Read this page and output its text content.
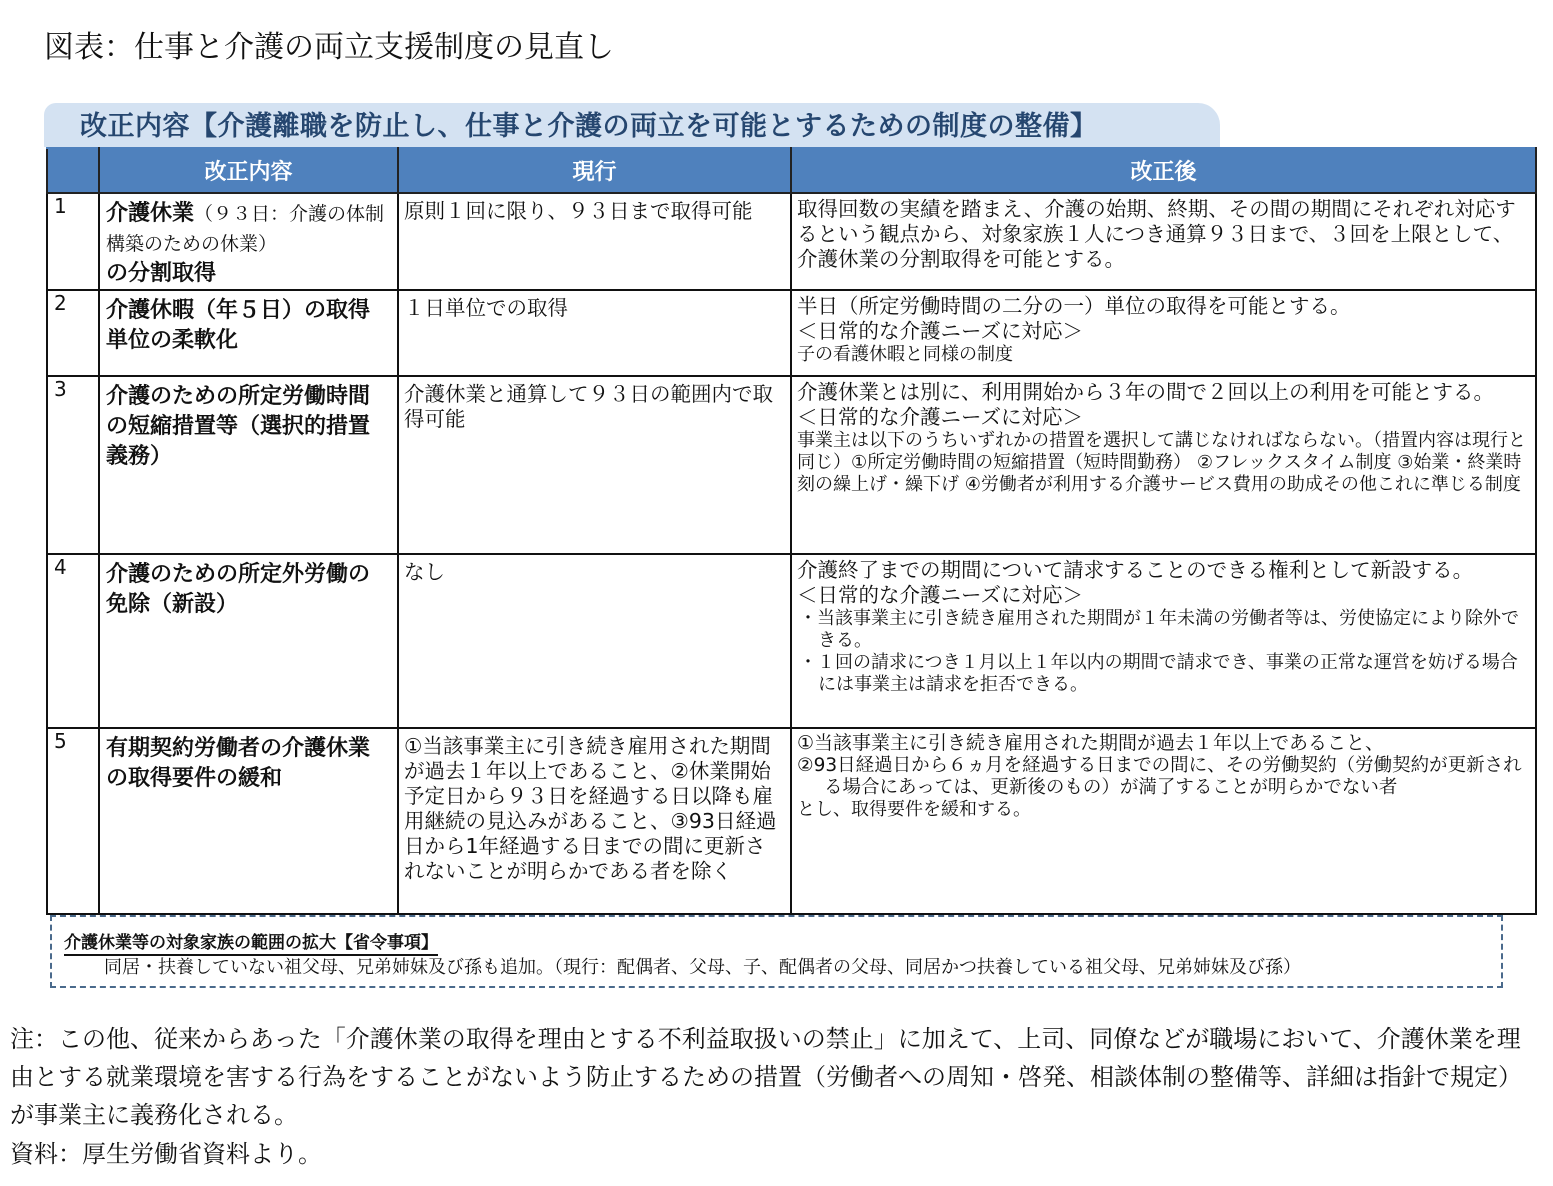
図表：仕事と介護の両立支援制度の見直し
改正内容【介護離職を防止し、仕事と介護の両立を可能とするための制度の整備】
	改正内容	現行	改正後
1	介護休業（９３日：介護の体制構築のための休業）
の分割取得	原則１回に限り、９３日まで取得可能	取得回数の実績を踏まえ、介護の始期、終期、その間の期間にそれぞれ対応するという観点から、対象家族１人につき通算９３日まで、３回を上限として、介護休業の分割取得を可能とする。

2	介護休暇（年５日）の取得単位の柔軟化	１日単位での取得	半日（所定労働時間の二分の一）単位の取得を可能とする。
＜日常的な介護ニーズに対応＞
子の看護休暇と同様の制度

3	介護のための所定労働時間の短縮措置等（選択的措置義務）	介護休業と通算して９３日の範囲内で取得可能	介護休業とは別に、利用開始から３年の間で２回以上の利用を可能とする。
＜日常的な介護ニーズに対応＞
事業主は以下のうちいずれかの措置を選択して講じなければならない。（措置内容は現行と同じ）①所定労働時間の短縮措置（短時間勤務） ②フレックスタイム制度 ③始業・終業時刻の繰上げ・繰下げ ④労働者が利用する介護サービス費用の助成その他これに準じる制度

4	介護のための所定外労働の免除（新設）	なし	介護終了までの期間について請求することのできる権利として新設する。
＜日常的な介護ニーズに対応＞
・当該事業主に引き続き雇用された期間が１年未満の労働者等は、労使協定により除外できる。
・１回の請求につき１月以上１年以内の期間で請求でき、事業の正常な運営を妨げる場合には事業主は請求を拒否できる。

5	有期契約労働者の介護休業の取得要件の緩和	①当該事業主に引き続き雇用された期間が過去１年以上であること、②休業開始予定日から９３日を経過する日以降も雇用継続の見込みがあること、③93日経過日から1年経過する日までの間に更新されないことが明らかである者を除く	①当該事業主に引き続き雇用された期間が過去１年以上であること、
②93日経過日から６ヵ月を経過する日までの間に、その労働契約（労働契約が更新される場合にあっては、更新後のもの）が満了することが明らかでない者
とし、取得要件を緩和する。
介護休業等の対象家族の範囲の拡大【省令事項】
同居・扶養していない祖父母、兄弟姉妹及び孫も追加。（現行：配偶者、父母、子、配偶者の父母、同居かつ扶養している祖父母、兄弟姉妹及び孫）
注：この他、従来からあった「介護休業の取得を理由とする不利益取扱いの禁止」に加えて、上司、同僚などが職場において、介護休業を理由とする就業環境を害する行為をすることがないよう防止するための措置（労働者への周知・啓発、相談体制の整備等、詳細は指針で規定）が事業主に義務化される。
資料：厚生労働省資料より。
